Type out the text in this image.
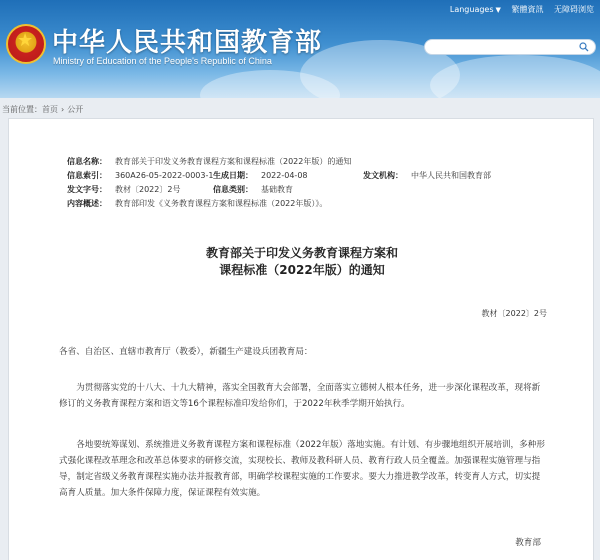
★ 中华人民共和国教育部
Ministry of Education of the People's Republic of China
Languages ▼ 繁體資訊 无障碍浏览
当前位置：首页 › 公开
信息名称： 教育部关于印发义务教育课程方案和课程标准（2022年版）的通知
信息索引： 360A26-05-2022-0003-1 生成日期： 2022-04-08	发文机构： 中华人民共和国教育部
发文字号： 教材〔2022〕2号	信息类别： 基础教育
内容概述： 教育部印发《义务教育课程方案和课程标准（2022年版）》。
教育部关于印发义务教育课程方案和
课程标准（2022年版）的通知
教材〔2022〕2号

各省、自治区、直辖市教育厅（教委），新疆生产建设兵团教育局：

为贯彻落实党的十八大、十九大精神，落实全国教育大会部署，全面落实立德树人根本任务，进一步深化课程改革，现将新修订的义务教育课程方案和语文等16个课程标准印发给你们，于2022年秋季学期开始执行。

各地要统筹谋划、系统推进义务教育课程方案和课程标准（2022年版）落地实施。有计划、有步骤地组织开展培训，多种形式强化课程改革理念和改革总体要求的研修交流，实现校长、教师及教科研人员、教育行政人员全覆盖。加强课程实施管理与指导，制定省级义务教育课程实施办法并报教育部，明确学校课程实施的工作要求。要大力推进教学改革，转变育人方式，切实提高育人质量。加大条件保障力度，保证课程有效实施。

教育部
